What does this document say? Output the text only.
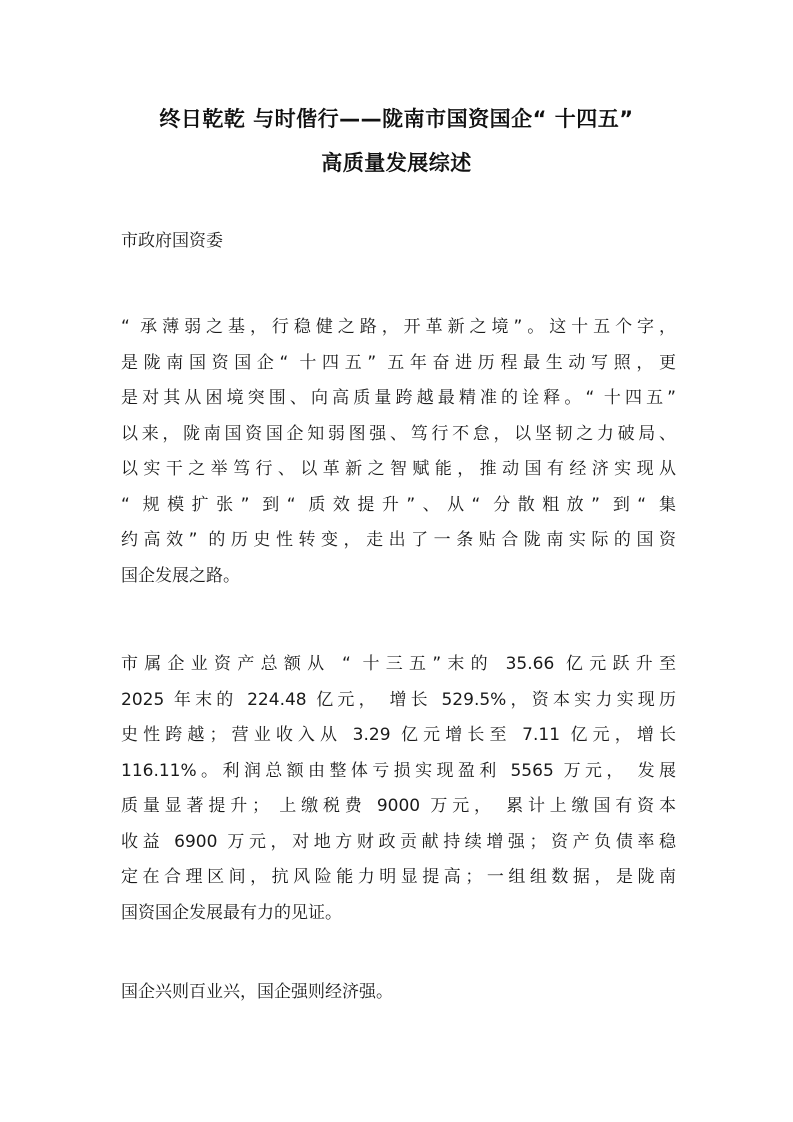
终日乾乾 与时偕行——陇南市国资国企“ 十四五”
高质量发展综述

市政府国资委

“ 承薄弱之基，行稳健之路，开革新之境”。这十五个字，
是陇南国资国企“ 十四五” 五年奋进历程最生动写照，更
是对其从困境突围、向高质量跨越最精准的诠释。“ 十四五”
以来，陇南国资国企知弱图强、笃行不怠，以坚韧之力破局、
以实干之举笃行、以革新之智赋能，推动国有经济实现从
“ 规模扩张” 到“ 质效提升”、从“ 分散粗放” 到“ 集
约高效” 的历史性转变，走出了一条贴合陇南实际的国资
国企发展之路。
市属企业资产总额从 “ 十三五”末的 35.66 亿元跃升至
2025 年末的 224.48 亿元， 增长 529.5%，资本实力实现历
史性跨越；营业收入从 3.29 亿元增长至 7.11 亿元，增长
116.11%。利润总额由整体亏损实现盈利 5565 万元， 发展
质量显著提升； 上缴税费 9000 万元， 累计上缴国有资本
收益 6900 万元，对地方财政贡献持续增强；资产负债率稳
定在合理区间，抗风险能力明显提高；一组组数据，是陇南
国资国企发展最有力的见证。
国企兴则百业兴，国企强则经济强。
